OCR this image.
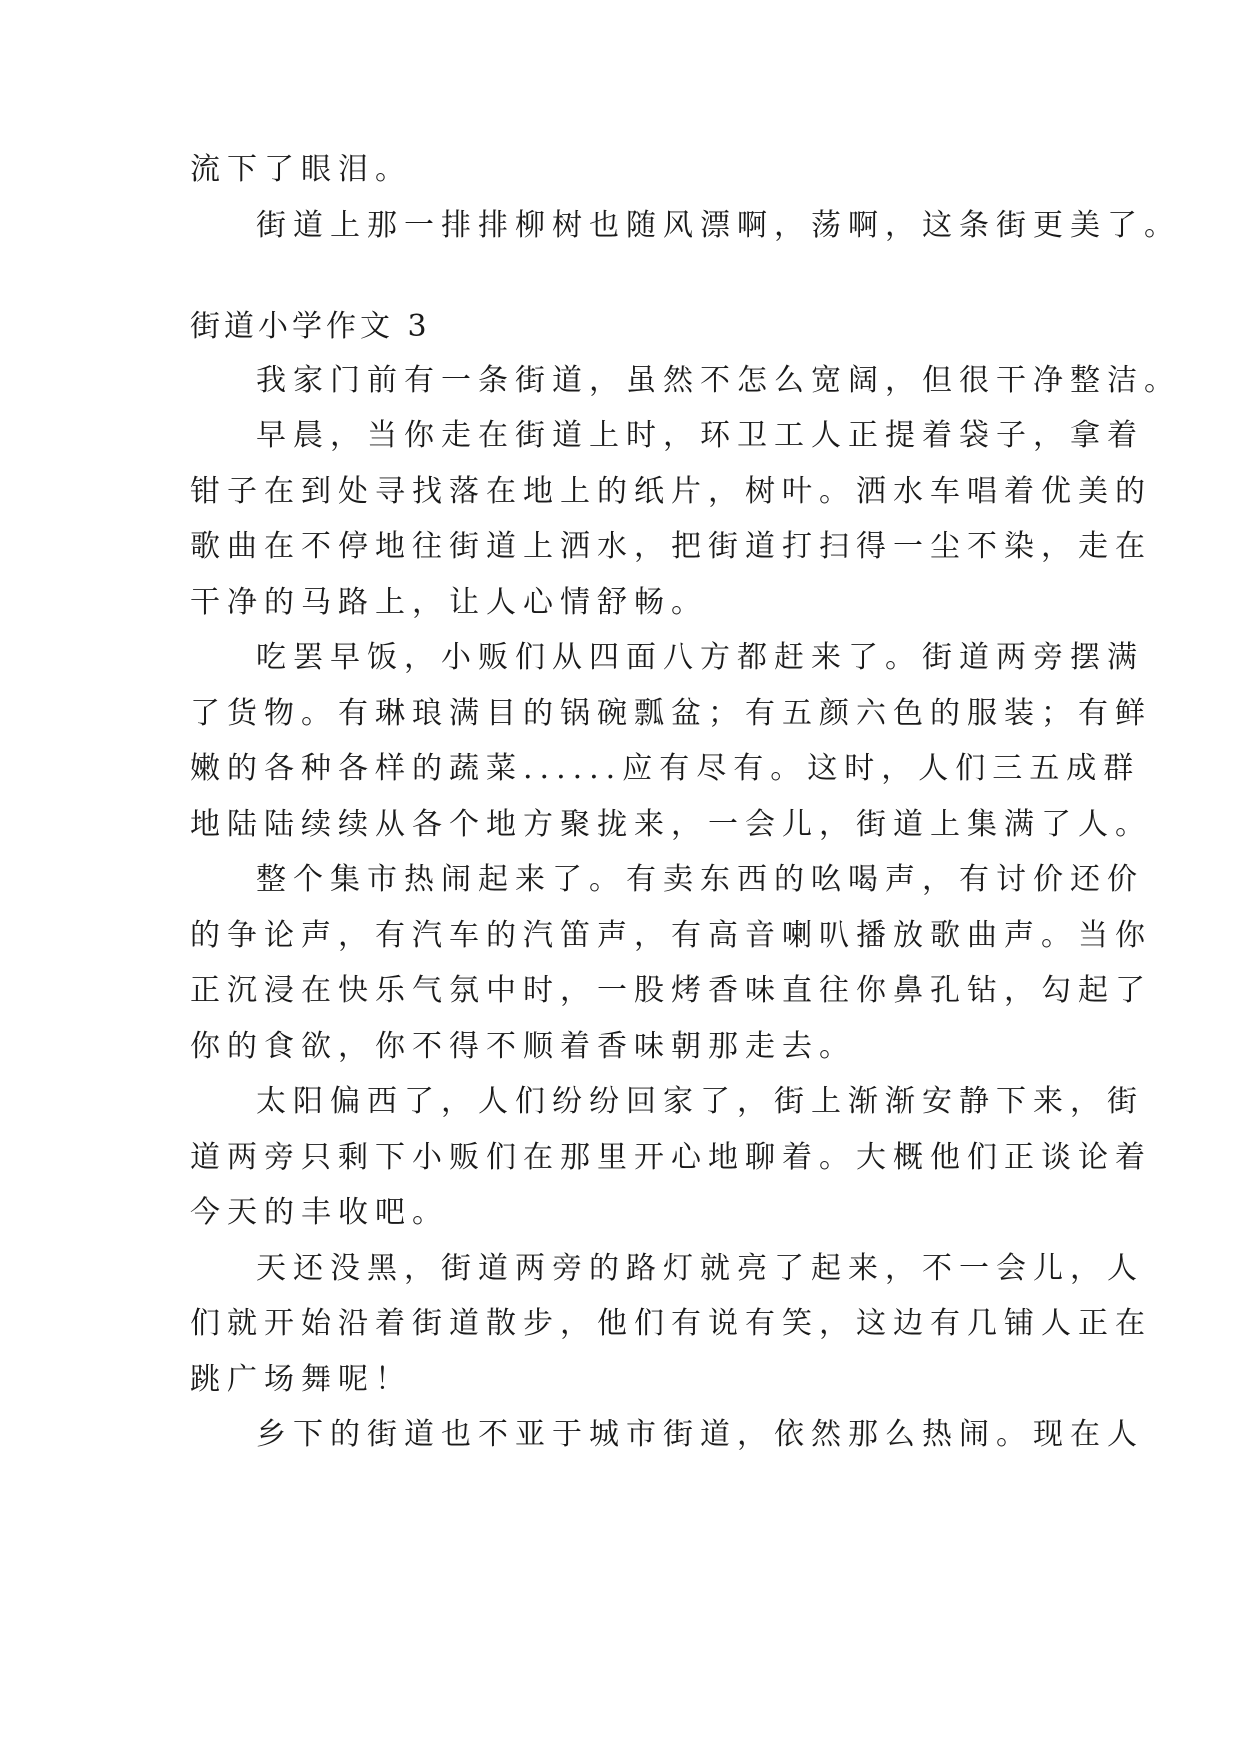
流下了眼泪。
街道上那一排排柳树也随风漂啊，荡啊，这条街更美了。
街道小学作文 3
我家门前有一条街道，虽然不怎么宽阔，但很干净整洁。
早晨，当你走在街道上时，环卫工人正提着袋子，拿着
钳子在到处寻找落在地上的纸片，树叶。洒水车唱着优美的
歌曲在不停地往街道上洒水，把街道打扫得一尘不染，走在
干净的马路上，让人心情舒畅。
吃罢早饭，小贩们从四面八方都赶来了。街道两旁摆满
了货物。有琳琅满目的锅碗瓢盆；有五颜六色的服装；有鲜
嫩的各种各样的蔬菜......应有尽有。这时，人们三五成群
地陆陆续续从各个地方聚拢来，一会儿，街道上集满了人。
整个集市热闹起来了。有卖东西的吆喝声，有讨价还价
的争论声，有汽车的汽笛声，有高音喇叭播放歌曲声。当你
正沉浸在快乐气氛中时，一股烤香味直往你鼻孔钻，勾起了
你的食欲，你不得不顺着香味朝那走去。
太阳偏西了，人们纷纷回家了，街上渐渐安静下来，街
道两旁只剩下小贩们在那里开心地聊着。大概他们正谈论着
今天的丰收吧。
天还没黑，街道两旁的路灯就亮了起来，不一会儿，人
们就开始沿着街道散步，他们有说有笑，这边有几铺人正在
跳广场舞呢！
乡下的街道也不亚于城市街道，依然那么热闹。现在人
